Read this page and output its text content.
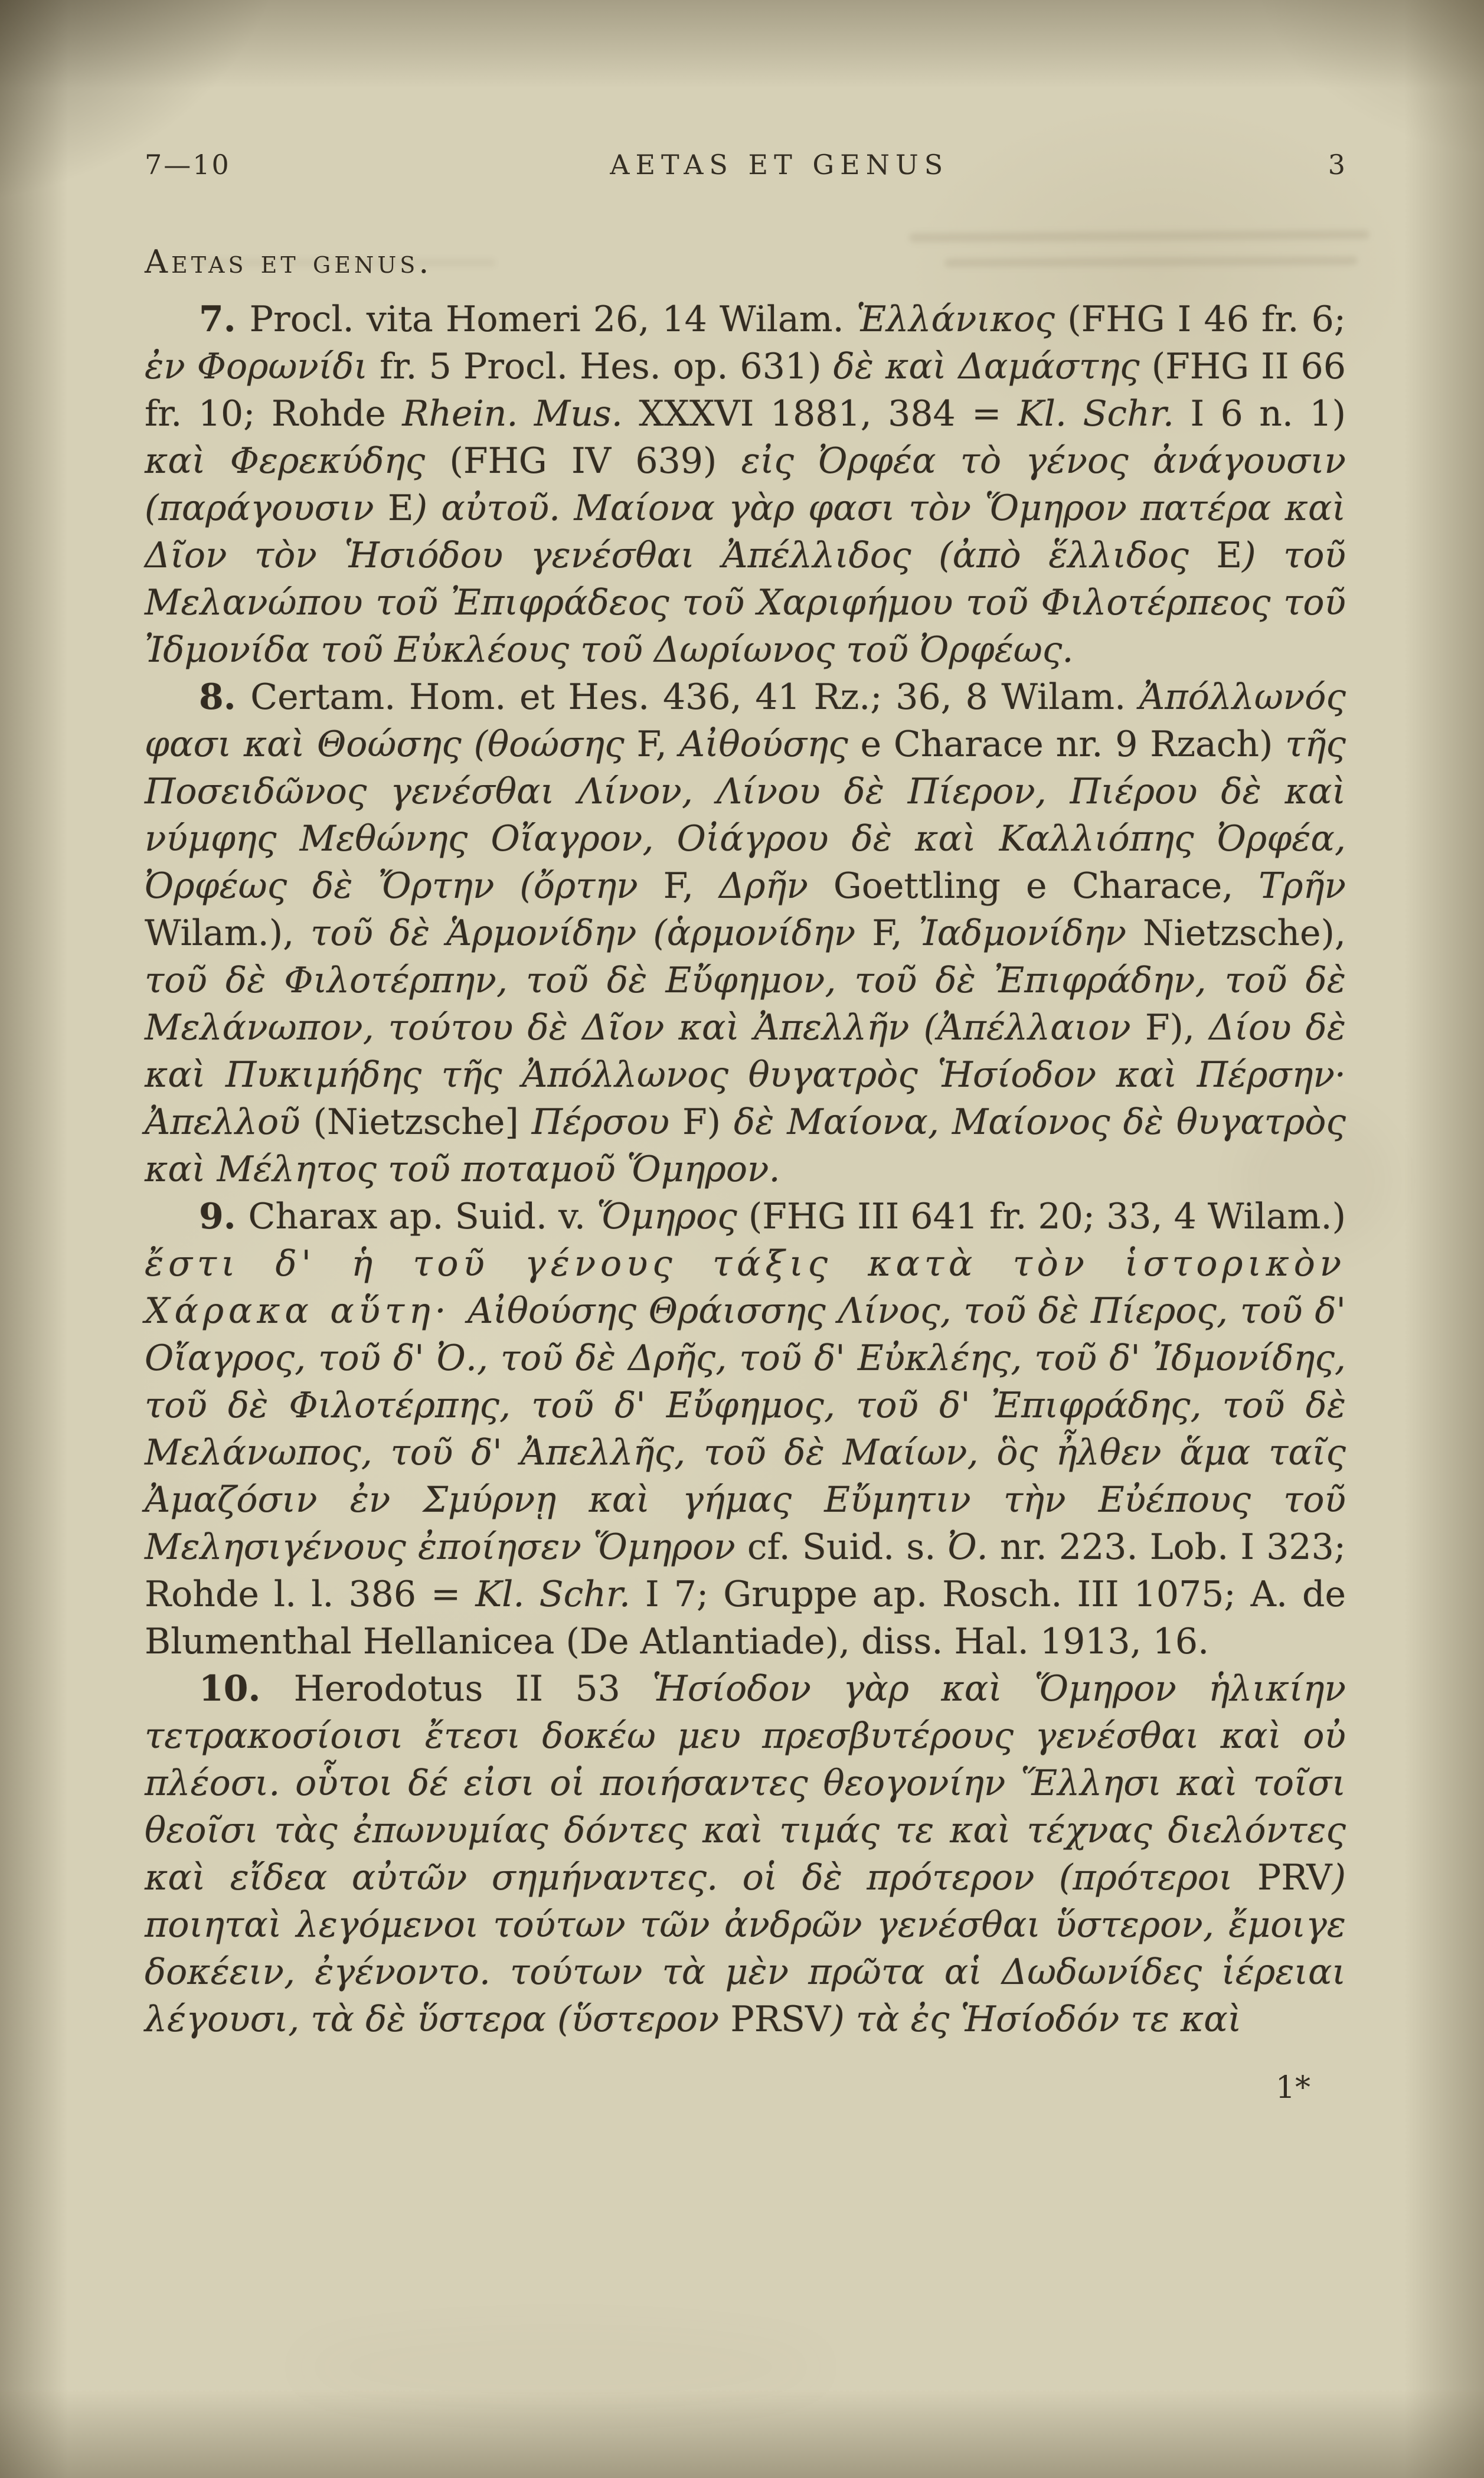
7—10	AETAS ET GENUS	3
Aetas et genus.

7. Procl. vita Homeri 26, 14 Wilam. Ἑλλάνικος (FHG I 46 fr. 6; ἐν Φορωνίδι fr. 5 Procl. Hes. op. 631) δὲ καὶ Δαμάστης (FHG II 66 fr. 10; Rohde Rhein. Mus. XXXVI 1881, 384 = Kl. Schr. I 6 n. 1) καὶ Φερεκύδης (FHG IV 639) εἰς Ὀρφέα τὸ γένος ἀνάγουσιν (παράγουσιν E) αὐτοῦ. Μαίονα γὰρ φασι τὸν Ὅμηρον πατέρα καὶ Δῖον τὸν Ἡσιόδου γενέσθαι Ἀπέλλιδος (ἀπὸ ἕλλιδος E) τοῦ Μελανώπου τοῦ Ἐπιφράδεος τοῦ Χαριφήμου τοῦ Φιλοτέρπεος τοῦ Ἰδμονίδα τοῦ Εὐκλέους τοῦ Δωρίωνος τοῦ Ὀρφέως.

8. Certam. Hom. et Hes. 436, 41 Rz.; 36, 8 Wilam. Ἀπόλλωνός φασι καὶ Θοώσης (θοώσης F, Αἰθούσης e Charace nr. 9 Rzach) τῆς Ποσειδῶνος γενέσθαι Λίνον, Λίνου δὲ Πίερον, Πιέρου δὲ καὶ νύμφης Μεθώνης Οἴαγρον, Οἰάγρου δὲ καὶ Καλλιόπης Ὀρφέα, Ὀρφέως δὲ Ὄρτην (ὄρτην F, Δρῆν Goettling e Charace, Τρῆν Wilam.), τοῦ δὲ Ἁρμονίδην (ἁρμονίδην F, Ἰαδμονίδην Nietzsche), τοῦ δὲ Φιλοτέρπην, τοῦ δὲ Εὔφημον, τοῦ δὲ Ἐπιφράδην, τοῦ δὲ Μελάνωπον, τούτου δὲ Δῖον καὶ Ἀπελλῆν (Ἀπέλλαιον F), Δίου δὲ καὶ Πυκιμήδης τῆς Ἀπόλλωνος θυγατρὸς Ἡσίοδον καὶ Πέρσην· Ἀπελλοῦ (Nietzsche] Πέρσου F) δὲ Μαίονα, Μαίονος δὲ θυγατρὸς καὶ Μέλητος τοῦ ποταμοῦ Ὅμηρον.

9. Charax ap. Suid. v. Ὅμηρος (FHG III 641 fr. 20; 33, 4 Wilam.) ἔστι δ' ἡ τοῦ γένους τάξις κατὰ τὸν ἱστορικὸν Χάρακα αὕτη· Αἰθούσης Θράισσης Λίνος, τοῦ δὲ Πίερος, τοῦ δ' Οἴαγρος, τοῦ δ' Ὀ., τοῦ δὲ Δρῆς, τοῦ δ' Εὐκλέης, τοῦ δ' Ἰδμονίδης, τοῦ δὲ Φιλοτέρπης, τοῦ δ' Εὔφημος, τοῦ δ' Ἐπιφράδης, τοῦ δὲ Μελάνωπος, τοῦ δ' Ἀπελλῆς, τοῦ δὲ Μαίων, ὃς ἦλθεν ἅμα ταῖς Ἀμαζόσιν ἐν Σμύρνῃ καὶ γήμας Εὔμητιν τὴν Εὐέπους τοῦ Μελησιγένους ἐποίησεν Ὅμηρον cf. Suid. s. Ὀ. nr. 223. Lob. I 323; Rohde l. l. 386 = Kl. Schr. I 7; Gruppe ap. Rosch. III 1075; A. de Blumenthal Hellanicea (De Atlantiade), diss. Hal. 1913, 16.

10. Herodotus II 53 Ἡσίοδον γὰρ καὶ Ὅμηρον ἡλικίην τετρακοσίοισι ἔτεσι δοκέω μευ πρεσβυτέρους γενέσθαι καὶ οὐ πλέοσι. οὗτοι δέ εἰσι οἱ ποιήσαντες θεογονίην Ἕλλησι καὶ τοῖσι θεοῖσι τὰς ἐπωνυμίας δόντες καὶ τιμάς τε καὶ τέχνας διελόντες καὶ εἴδεα αὐτῶν σημήναντες. οἱ δὲ πρότερον (πρότεροι PRV) ποιηταὶ λεγόμενοι τούτων τῶν ἀνδρῶν γενέσθαι ὕστερον, ἔμοιγε δοκέειν, ἐγένοντο. τούτων τὰ μὲν πρῶτα αἱ Δωδωνίδες ἱέρειαι λέγουσι, τὰ δὲ ὕστερα (ὕστερον PRSV) τὰ ἐς Ἡσίοδόν τε καὶ

1*
